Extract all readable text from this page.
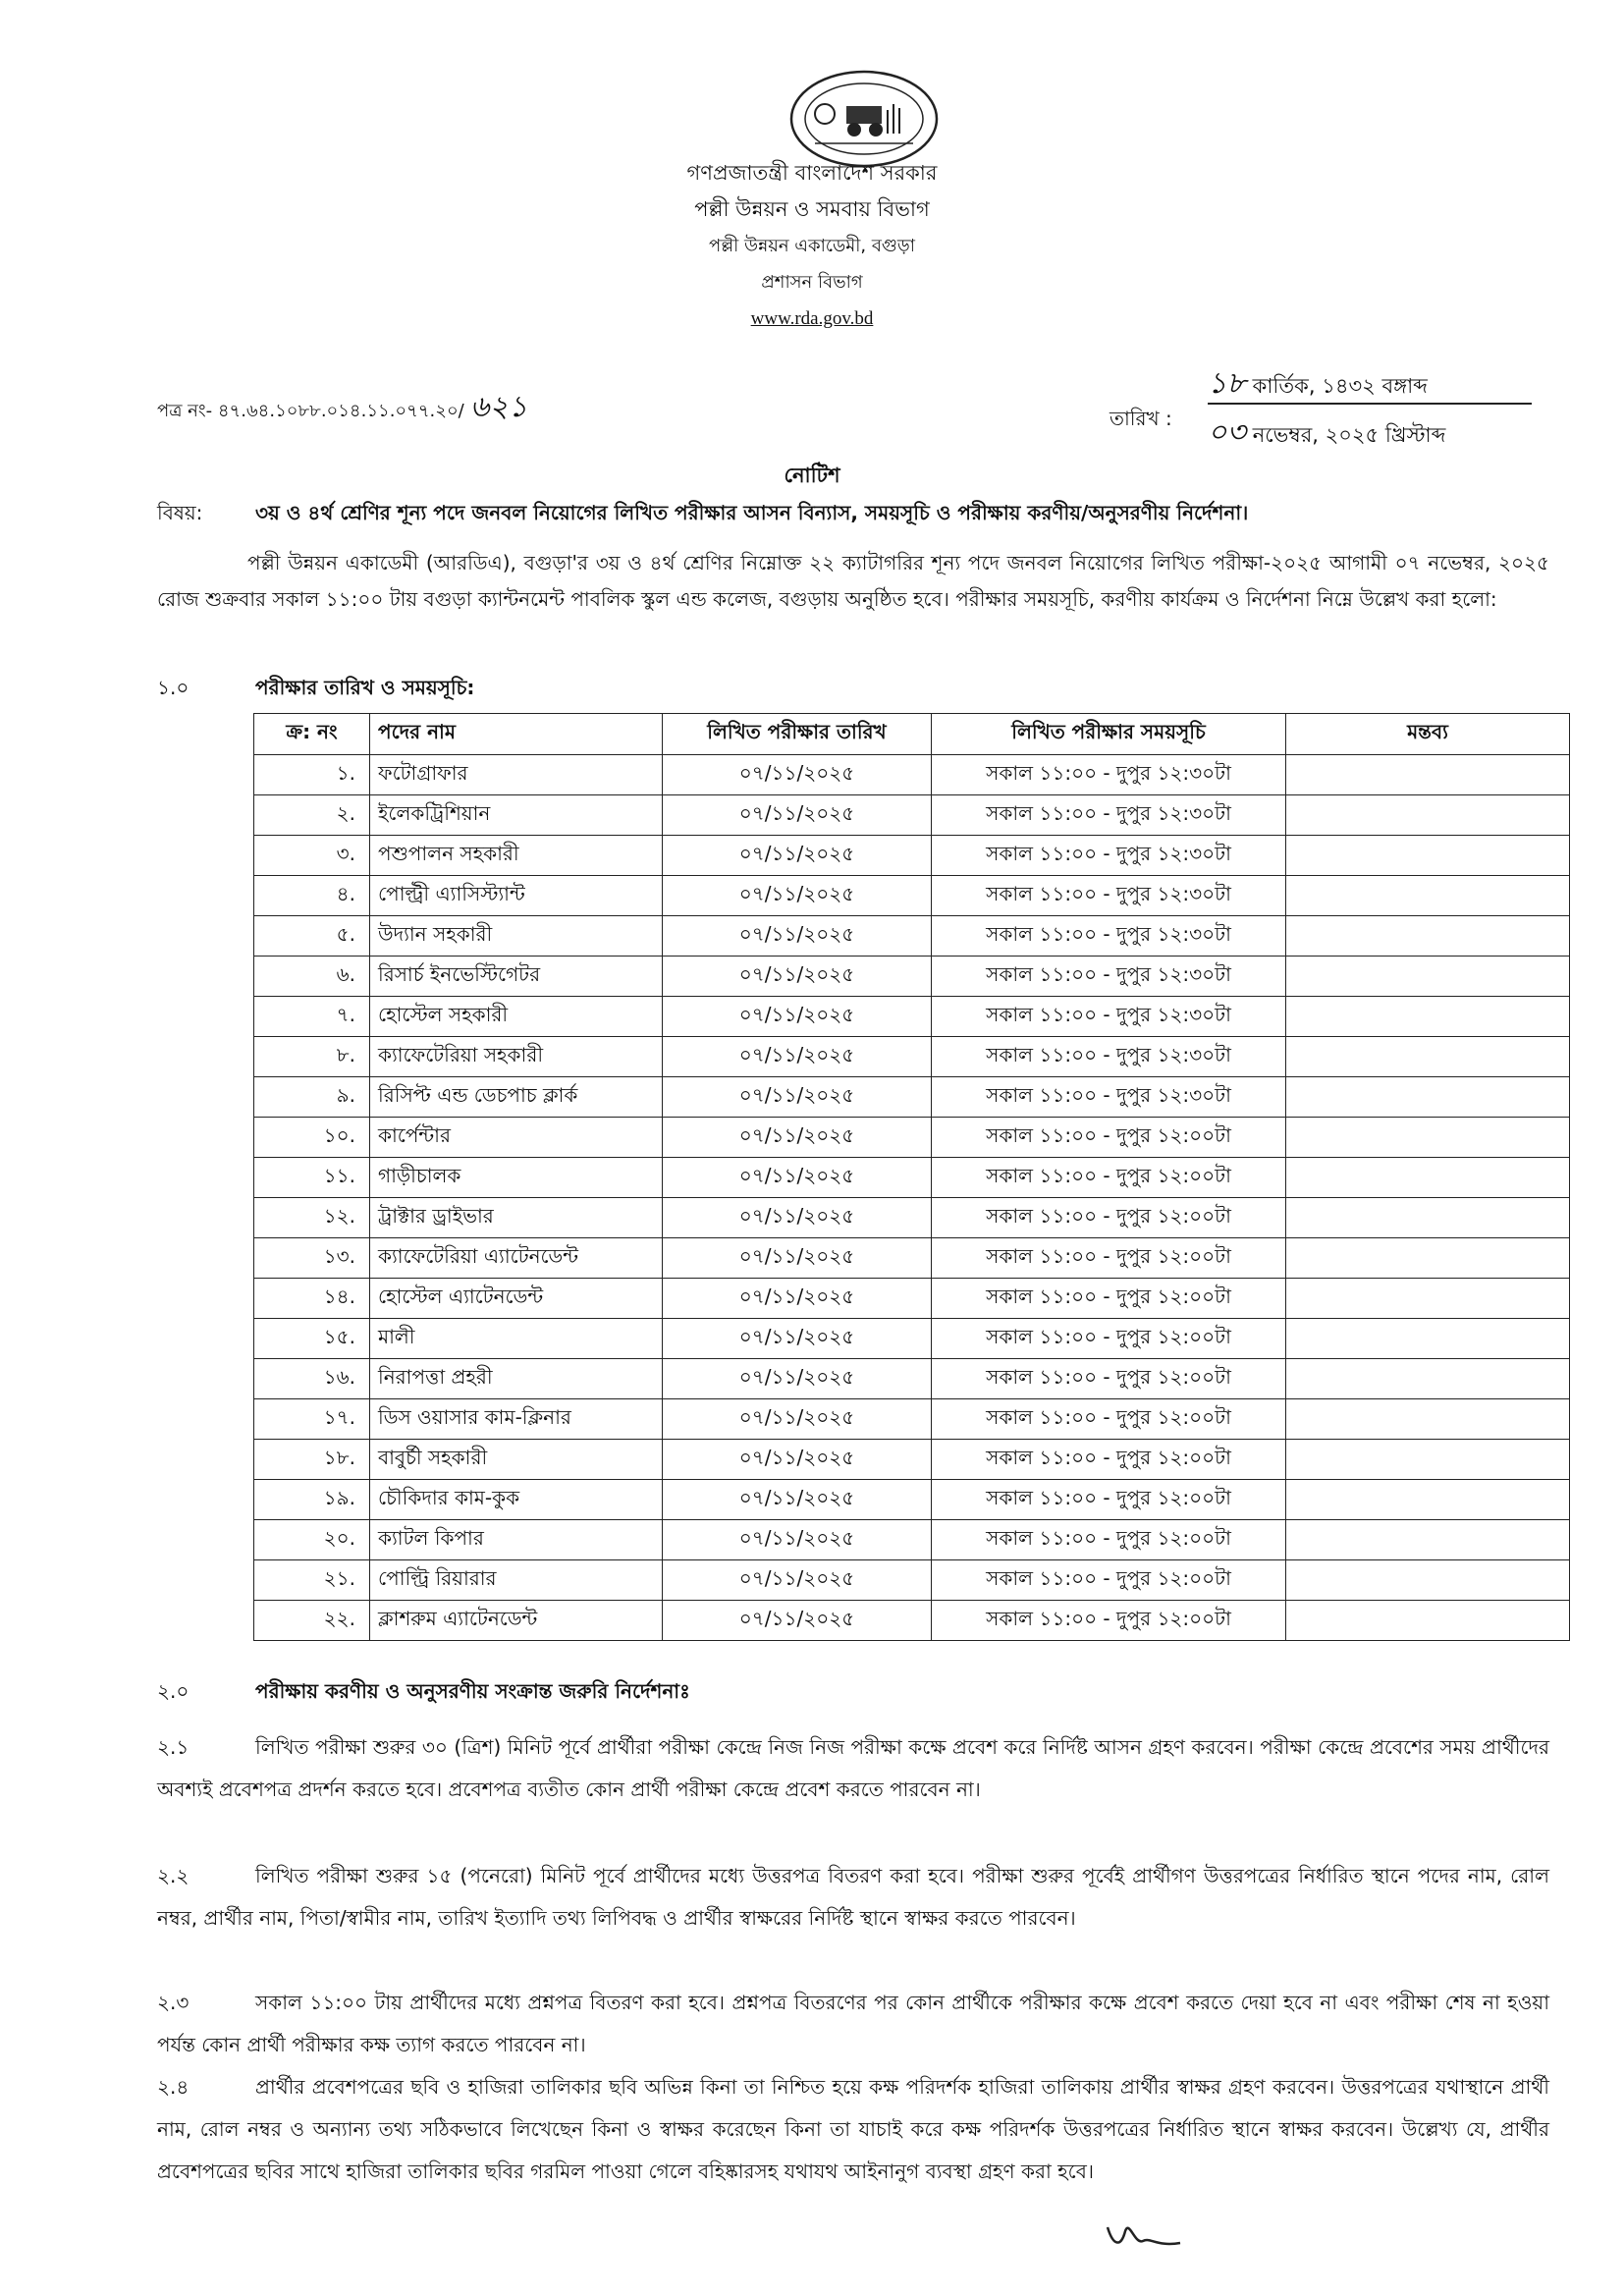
গণপ্রজাতন্ত্রী বাংলাদেশ সরকার
পল্লী উন্নয়ন ও সমবায় বিভাগ
পল্লী উন্নয়ন একাডেমী, বগুড়া
প্রশাসন বিভাগ
www.rda.gov.bd
পত্র নং- ৪৭.৬৪.১০৮৮.০১৪.১১.০৭৭.২০/ ৬২১	তারিখ :
১৮ কার্তিক, ১৪৩২ বঙ্গাব্দ
০৩ নভেম্বর, ২০২৫ খ্রিস্টাব্দ
নোটিশ
বিষয়:	৩য় ও ৪র্থ শ্রেণির শূন্য পদে জনবল নিয়োগের লিখিত পরীক্ষার আসন বিন্যাস, সময়সূচি ও পরীক্ষায় করণীয়/অনুসরণীয় নির্দেশনা।
পল্লী উন্নয়ন একাডেমী (আরডিএ), বগুড়া'র ৩য় ও ৪র্থ শ্রেণির নিম্নোক্ত ২২ ক্যাটাগরির শূন্য পদে জনবল নিয়োগের লিখিত পরীক্ষা-২০২৫ আগামী ০৭ নভেম্বর, ২০২৫ রোজ শুক্রবার সকাল ১১:০০ টায় বগুড়া ক্যান্টনমেন্ট পাবলিক স্কুল এন্ড কলেজ, বগুড়ায় অনুষ্ঠিত হবে। পরীক্ষার সময়সূচি, করণীয় কার্যক্রম ও নির্দেশনা নিম্নে উল্লেখ করা হলো:
১.০	পরীক্ষার তারিখ ও সময়সূচি:
ক্র: নং	পদের নাম	লিখিত পরীক্ষার তারিখ	লিখিত পরীক্ষার সময়সূচি	মন্তব্য
১.	ফটোগ্রাফার	০৭/১১/২০২৫	সকাল ১১:০০ - দুপুর ১২:৩০টা	
২.	ইলেকট্রিশিয়ান	০৭/১১/২০২৫	সকাল ১১:০০ - দুপুর ১২:৩০টা	
৩.	পশুপালন সহকারী	০৭/১১/২০২৫	সকাল ১১:০০ - দুপুর ১২:৩০টা	
৪.	পোল্ট্রী এ্যাসিস্ট্যান্ট	০৭/১১/২০২৫	সকাল ১১:০০ - দুপুর ১২:৩০টা	
৫.	উদ্যান সহকারী	০৭/১১/২০২৫	সকাল ১১:০০ - দুপুর ১২:৩০টা	
৬.	রিসার্চ ইনভেস্টিগেটর	০৭/১১/২০২৫	সকাল ১১:০০ - দুপুর ১২:৩০টা	
৭.	হোস্টেল সহকারী	০৭/১১/২০২৫	সকাল ১১:০০ - দুপুর ১২:৩০টা	
৮.	ক্যাফেটেরিয়া সহকারী	০৭/১১/২০২৫	সকাল ১১:০০ - দুপুর ১২:৩০টা	
৯.	রিসিপ্ট এন্ড ডেচপাচ ক্লার্ক	০৭/১১/২০২৫	সকাল ১১:০০ - দুপুর ১২:৩০টা	
১০.	কার্পেন্টার	০৭/১১/২০২৫	সকাল ১১:০০ - দুপুর ১২:০০টা	
১১.	গাড়ীচালক	০৭/১১/২০২৫	সকাল ১১:০০ - দুপুর ১২:০০টা	
১২.	ট্রাক্টার ড্রাইভার	০৭/১১/২০২৫	সকাল ১১:০০ - দুপুর ১২:০০টা	
১৩.	ক্যাফেটেরিয়া এ্যাটেনডেন্ট	০৭/১১/২০২৫	সকাল ১১:০০ - দুপুর ১২:০০টা	
১৪.	হোস্টেল এ্যাটেনডেন্ট	০৭/১১/২০২৫	সকাল ১১:০০ - দুপুর ১২:০০টা	
১৫.	মালী	০৭/১১/২০২৫	সকাল ১১:০০ - দুপুর ১২:০০টা	
১৬.	নিরাপত্তা প্রহরী	০৭/১১/২০২৫	সকাল ১১:০০ - দুপুর ১২:০০টা	
১৭.	ডিস ওয়াসার কাম-ক্লিনার	০৭/১১/২০২৫	সকাল ১১:০০ - দুপুর ১২:০০টা	
১৮.	বাবুর্চী সহকারী	০৭/১১/২০২৫	সকাল ১১:০০ - দুপুর ১২:০০টা	
১৯.	চৌকিদার কাম-কুক	০৭/১১/২০২৫	সকাল ১১:০০ - দুপুর ১২:০০টা	
২০.	ক্যাটল কিপার	০৭/১১/২০২৫	সকাল ১১:০০ - দুপুর ১২:০০টা	
২১.	পোল্ট্রি রিয়ারার	০৭/১১/২০২৫	সকাল ১১:০০ - দুপুর ১২:০০টা	
২২.	ক্লাশরুম এ্যাটেনডেন্ট	০৭/১১/২০২৫	সকাল ১১:০০ - দুপুর ১২:০০টা	
২.০	পরীক্ষায় করণীয় ও অনুসরণীয় সংক্রান্ত জরুরি নির্দেশনাঃ
২.১	লিখিত পরীক্ষা শুরুর ৩০ (ত্রিশ) মিনিট পূর্বে প্রার্থীরা পরীক্ষা কেন্দ্রে নিজ নিজ পরীক্ষা কক্ষে প্রবেশ করে নির্দিষ্ট আসন গ্রহণ করবেন। পরীক্ষা কেন্দ্রে প্রবেশের সময় প্রার্থীদের অবশ্যই প্রবেশপত্র প্রদর্শন করতে হবে। প্রবেশপত্র ব্যতীত কোন প্রার্থী পরীক্ষা কেন্দ্রে প্রবেশ করতে পারবেন না।
২.২	লিখিত পরীক্ষা শুরুর ১৫ (পনেরো) মিনিট পূর্বে প্রার্থীদের মধ্যে উত্তরপত্র বিতরণ করা হবে। পরীক্ষা শুরুর পূর্বেই প্রার্থীগণ উত্তরপত্রের নির্ধারিত স্থানে পদের নাম, রোল নম্বর, প্রার্থীর নাম, পিতা/স্বামীর নাম, তারিখ ইত্যাদি তথ্য লিপিবদ্ধ ও প্রার্থীর স্বাক্ষরের নির্দিষ্ট স্থানে স্বাক্ষর করতে পারবেন।
২.৩	সকাল ১১:০০ টায় প্রার্থীদের মধ্যে প্রশ্নপত্র বিতরণ করা হবে। প্রশ্নপত্র বিতরণের পর কোন প্রার্থীকে পরীক্ষার কক্ষে প্রবেশ করতে দেয়া হবে না এবং পরীক্ষা শেষ না হওয়া পর্যন্ত কোন প্রার্থী পরীক্ষার কক্ষ ত্যাগ করতে পারবেন না।
২.৪	প্রার্থীর প্রবেশপত্রের ছবি ও হাজিরা তালিকার ছবি অভিন্ন কিনা তা নিশ্চিত হয়ে কক্ষ পরিদর্শক হাজিরা তালিকায় প্রার্থীর স্বাক্ষর গ্রহণ করবেন। উত্তরপত্রের যথাস্থানে প্রার্থী নাম, রোল নম্বর ও অন্যান্য তথ্য সঠিকভাবে লিখেছেন কিনা ও স্বাক্ষর করেছেন কিনা তা যাচাই করে কক্ষ পরিদর্শক উত্তরপত্রের নির্ধারিত স্থানে স্বাক্ষর করবেন। উল্লেখ্য যে, প্রার্থীর প্রবেশপত্রের ছবির সাথে হাজিরা তালিকার ছবির গরমিল পাওয়া গেলে বহিষ্কারসহ যথাযথ আইনানুগ ব্যবস্থা গ্রহণ করা হবে।
